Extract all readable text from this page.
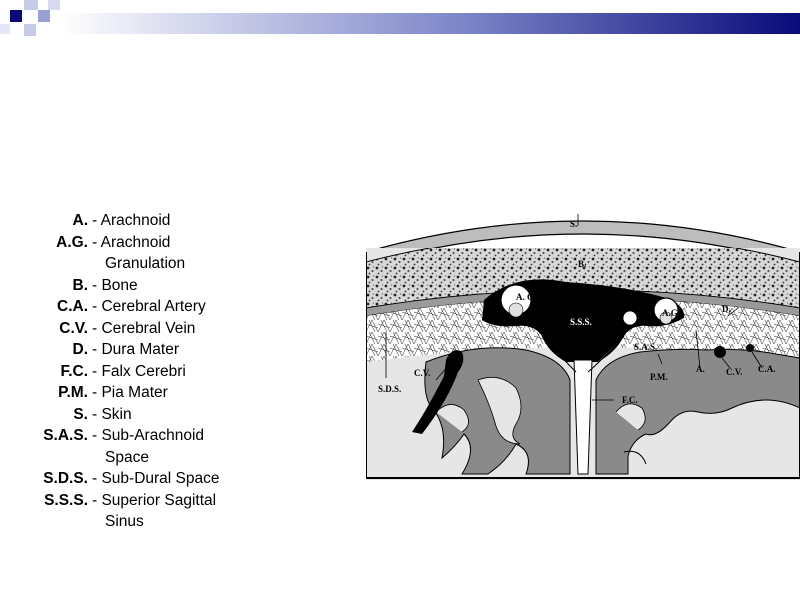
A. - Arachnoid
A.G. - Arachnoid
Granulation
B. - Bone
C.A. - Cerebral Artery
C.V. - Cerebral Vein
D. - Dura Mater
F.C. - Falx Cerebri
P.M. - Pia Mater
S. - Skin
S.A.S. - Sub-Arachnoid
Space
S.D.S. - Sub-Dural Space
S.S.S. - Superior Sagittal
Sinus
S.
B.
A. G.
A.G.
S.S.S.
D.
S.A.S.
C.V.
S.D.S.
P.M.
A. C.V. C.A.
F.C.
